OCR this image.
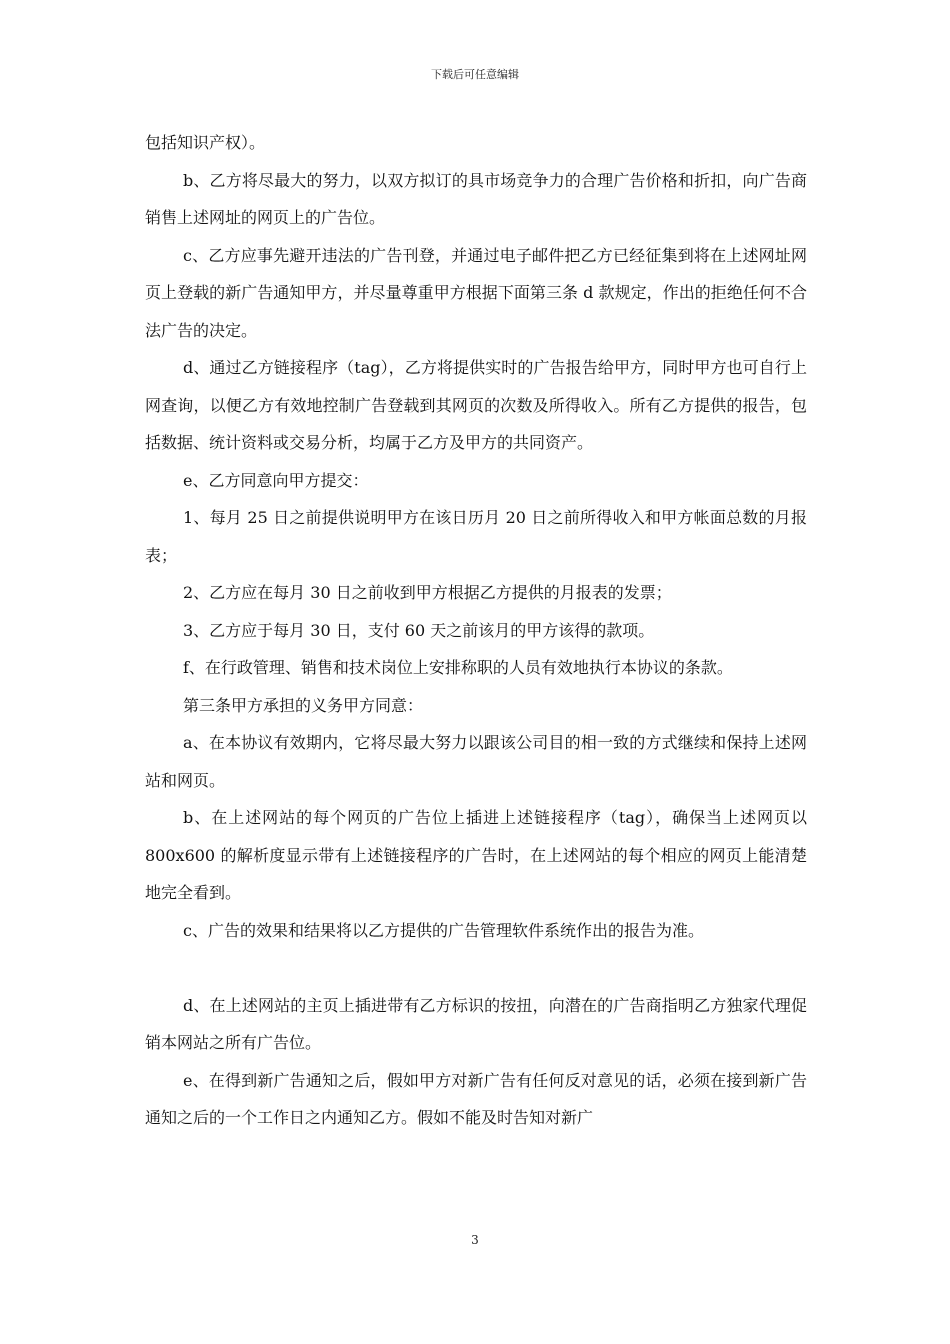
下载后可任意编辑

包括知识产权）。

b、乙方将尽最大的努力，以双方拟订的具市场竞争力的合理广告价格和折扣，向广告商销售上述网址的网页上的广告位。

c、乙方应事先避开违法的广告刊登，并通过电子邮件把乙方已经征集到将在上述网址网页上登载的新广告通知甲方，并尽量尊重甲方根据下面第三条 d 款规定，作出的拒绝任何不合法广告的决定。

d、通过乙方链接程序（tag），乙方将提供实时的广告报告给甲方，同时甲方也可自行上网查询，以便乙方有效地控制广告登载到其网页的次数及所得收入。所有乙方提供的报告，包括数据、统计资料或交易分析，均属于乙方及甲方的共同资产。

e、乙方同意向甲方提交：

1、每月 25 日之前提供说明甲方在该日历月 20 日之前所得收入和甲方帐面总数的月报表；

2、乙方应在每月 30 日之前收到甲方根据乙方提供的月报表的发票；

3、乙方应于每月 30 日，支付 60 天之前该月的甲方该得的款项。

f、在行政管理、销售和技术岗位上安排称职的人员有效地执行本协议的条款。

第三条甲方承担的义务甲方同意：

a、在本协议有效期内，它将尽最大努力以跟该公司目的相一致的方式继续和保持上述网站和网页。

b、在上述网站的每个网页的广告位上插进上述链接程序（tag），确保当上述网页以 800x600 的解析度显示带有上述链接程序的广告时，在上述网站的每个相应的网页上能清楚地完全看到。

c、广告的效果和结果将以乙方提供的广告管理软件系统作出的报告为准。

d、在上述网站的主页上插进带有乙方标识的按扭，向潜在的广告商指明乙方独家代理促销本网站之所有广告位。

e、在得到新广告通知之后，假如甲方对新广告有任何反对意见的话，必须在接到新广告通知之后的一个工作日之内通知乙方。假如不能及时告知对新广

3
